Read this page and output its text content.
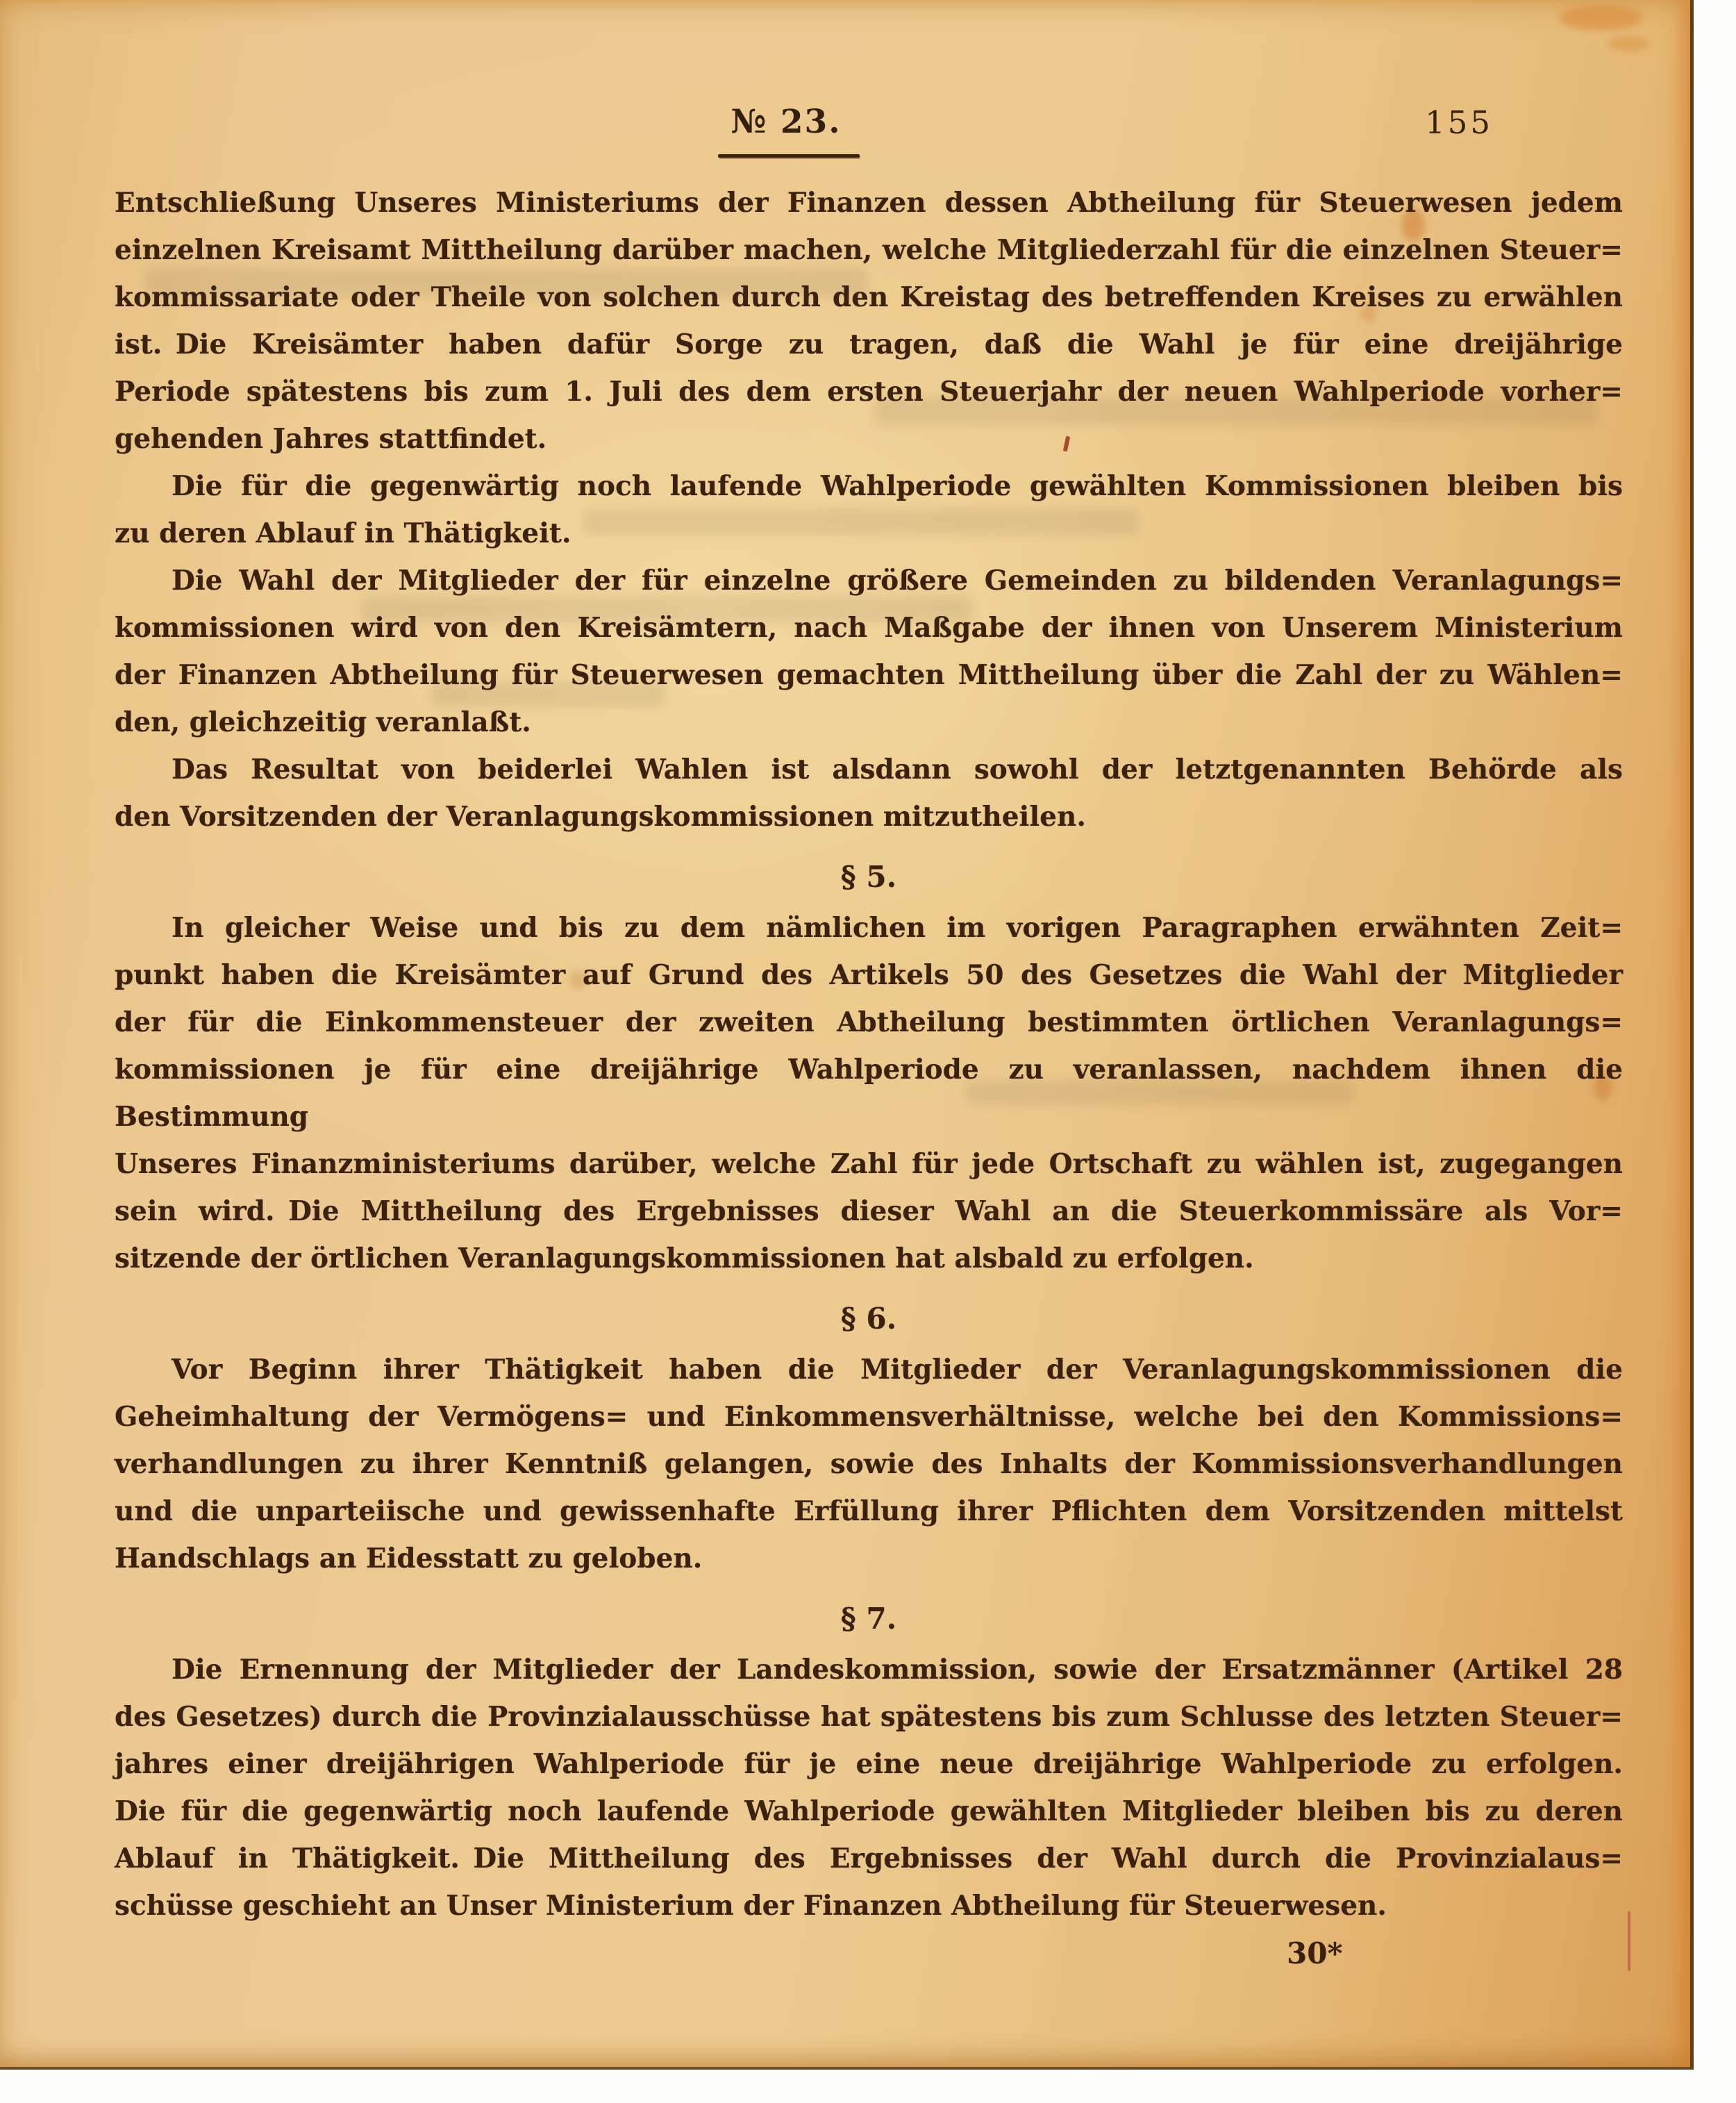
№ 23.	155
Entschließung Unseres Ministeriums der Finanzen dessen Abtheilung für Steuerwesen jedem
einzelnen Kreisamt Mittheilung darüber machen, welche Mitgliederzahl für die einzelnen Steuer=
kommissariate oder Theile von solchen durch den Kreistag des betreffenden Kreises zu erwählen
ist. Die Kreisämter haben dafür Sorge zu tragen, daß die Wahl je für eine dreijährige
Periode spätestens bis zum 1. Juli des dem ersten Steuerjahr der neuen Wahlperiode vorher=
gehenden Jahres stattfindet.
Die für die gegenwärtig noch laufende Wahlperiode gewählten Kommissionen bleiben bis
zu deren Ablauf in Thätigkeit.
Die Wahl der Mitglieder der für einzelne größere Gemeinden zu bildenden Veranlagungs=
kommissionen wird von den Kreisämtern, nach Maßgabe der ihnen von Unserem Ministerium
der Finanzen Abtheilung für Steuerwesen gemachten Mittheilung über die Zahl der zu Wählen=
den, gleichzeitig veranlaßt.
Das Resultat von beiderlei Wahlen ist alsdann sowohl der letztgenannten Behörde als
den Vorsitzenden der Veranlagungskommissionen mitzutheilen.
§ 5.
In gleicher Weise und bis zu dem nämlichen im vorigen Paragraphen erwähnten Zeit=
punkt haben die Kreisämter auf Grund des Artikels 50 des Gesetzes die Wahl der Mitglieder
der für die Einkommensteuer der zweiten Abtheilung bestimmten örtlichen Veranlagungs=
kommissionen je für eine dreijährige Wahlperiode zu veranlassen, nachdem ihnen die Bestimmung
Unseres Finanzministeriums darüber, welche Zahl für jede Ortschaft zu wählen ist, zugegangen
sein wird. Die Mittheilung des Ergebnisses dieser Wahl an die Steuerkommissäre als Vor=
sitzende der örtlichen Veranlagungskommissionen hat alsbald zu erfolgen.
§ 6.
Vor Beginn ihrer Thätigkeit haben die Mitglieder der Veranlagungskommissionen die
Geheimhaltung der Vermögens= und Einkommensverhältnisse, welche bei den Kommissions=
verhandlungen zu ihrer Kenntniß gelangen, sowie des Inhalts der Kommissionsverhandlungen
und die unparteiische und gewissenhafte Erfüllung ihrer Pflichten dem Vorsitzenden mittelst
Handschlags an Eidesstatt zu geloben.
§ 7.
Die Ernennung der Mitglieder der Landeskommission, sowie der Ersatzmänner (Artikel 28
des Gesetzes) durch die Provinzialausschüsse hat spätestens bis zum Schlusse des letzten Steuer=
jahres einer dreijährigen Wahlperiode für je eine neue dreijährige Wahlperiode zu erfolgen.
Die für die gegenwärtig noch laufende Wahlperiode gewählten Mitglieder bleiben bis zu deren
Ablauf in Thätigkeit. Die Mittheilung des Ergebnisses der Wahl durch die Provinzialaus=
schüsse geschieht an Unser Ministerium der Finanzen Abtheilung für Steuerwesen.
30*
